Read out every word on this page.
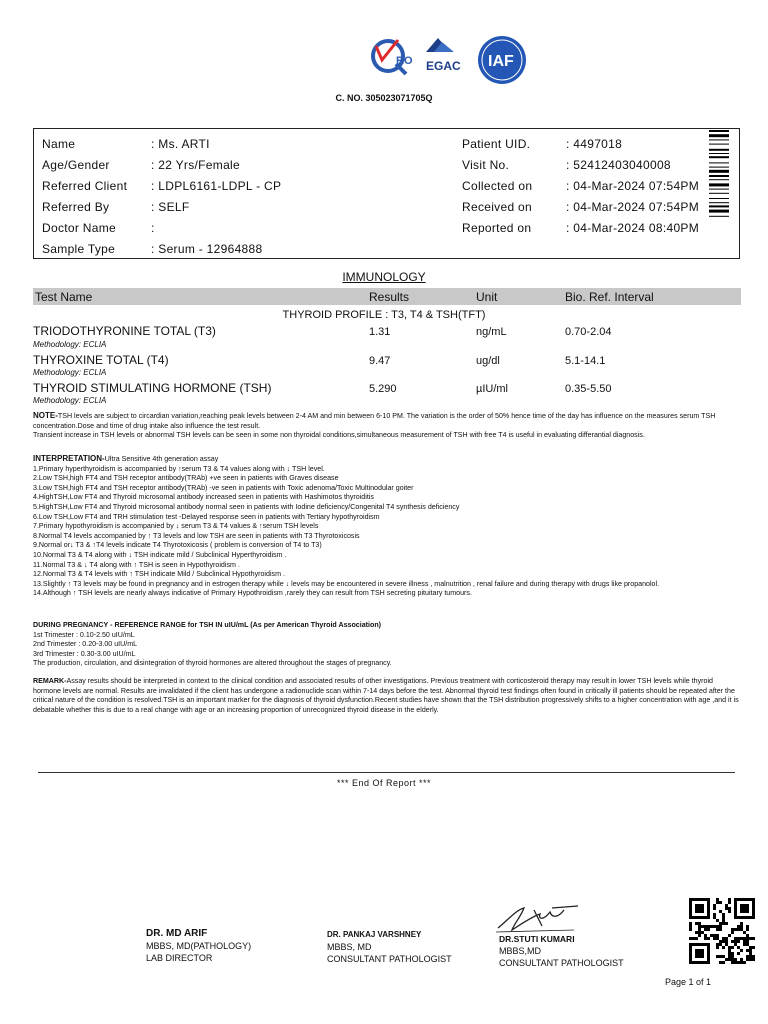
RO EGAC IAF
C. NO. 305023071705Q
Name	: Ms. ARTI
Age/Gender	: 22 Yrs/Female
Referred Client : LDPL6161-LDPL - CP
Referred By	: SELF
Doctor Name	:
Sample Type	: Serum - 12964888
Patient UID.	: 4497018
Visit No.	: 52412403040008
Collected on	: 04-Mar-2024 07:54PM
Received on	: 04-Mar-2024 07:54PM
Reported on	: 04-Mar-2024 08:40PM
IMMUNOLOGY
Test Name	Results	Unit	Bio. Ref. Interval
THYROID PROFILE : T3, T4 & TSH(TFT)
TRIODOTHYRONINE TOTAL (T3)
Methodology: ECLIA
1.31	ng/mL	0.70-2.04
THYROXINE TOTAL (T4)
Methodology: ECLIA
9.47	ug/dl	5.1-14.1
THYROID STIMULATING HORMONE (TSH)
Methodology: ECLIA
5.290	µIU/ml	0.35-5.50
NOTE-TSH levels are subject to circardian variation,reaching peak levels between 2-4 AM and min between 6-10 PM. The variation is the order of 50% hence time of the day has influence on the measures serum TSH concentration.Dose and time of drug intake also influence the test result.
Transient increase in TSH levels or abnormal TSH levels can be seen in some non thyroidal conditions,simultaneous measurement of TSH with free T4 is useful in evaluating differantial diagnosis.
INTERPRETATION-Ultra Sensitive 4th generation assay
1.Primary hyperthyroidism is accompanied by ↑serum T3 & T4 values along with ↓ TSH level.
2.Low TSH,high FT4 and TSH receptor antibody(TRAb) +ve seen in patients with Graves disease
3.Low TSH,high FT4 and TSH receptor antibody(TRAb) -ve seen in patients with Toxic adenoma/Toxic Multinodular goiter
4.HighTSH,Low FT4 and Thyroid microsomal antibody increased seen in patients with Hashimotos thyroiditis
5.HighTSH,Low FT4 and Thyroid microsomal antibody normal seen in patients with Iodine deficiency/Congenital T4 synthesis deficiency
6.Low TSH,Low FT4 and TRH stimulation test -Delayed response seen in patients with Tertiary hypothyroidism
7.Primary hypothyroidism is accompanied by ↓ serum T3 & T4 values & ↑serum TSH levels
8.Normal T4 levels accompanied by ↑ T3 levels and low TSH are seen in patients with T3 Thyrotoxicosis
9.Normal or↓ T3 & ↑T4 levels indicate T4 Thyrotoxicosis ( problem is conversion of T4 to T3)
10.Normal T3 & T4 along with ↓ TSH indicate mild / Subclinical Hyperthyroidism .
11.Normal T3 & ↓ T4 along with ↑ TSH is seen in Hypothyroidism .
12.Normal T3 & T4 levels with ↑ TSH indicate Mild / Subclinical Hypothyroidism .
13.Slightly ↑ T3 levels may be found in pregnancy and in estrogen therapy while ↓ levels may be encountered in severe illness , malnutrition , renal failure and during therapy with drugs like propanolol.
14.Although ↑ TSH levels are nearly always indicative of Primary Hypothroidism ,rarely they can result from TSH secreting pituitary tumours.
DURING PREGNANCY - REFERENCE RANGE for TSH IN uIU/mL (As per American Thyroid Association)
1st Trimester : 0.10-2.50 uIU/mL
2nd Trimester : 0.20-3.00 uIU/mL
3rd Trimester : 0.30-3.00 uIU/mL
The production, circulation, and disintegration of thyroid hormones are altered throughout the stages of pregnancy.
REMARK-Assay results should be interpreted in context to the clinical condition and associated results of other investigations. Previous treatment with corticosteroid therapy may result in lower TSH levels while thyroid hormone levels are normal. Results are invalidated if the client has undergone a radionuclide scan within 7-14 days before the test. Abnormal thyroid test findings often found in critically ill patients should be repeated after the critical nature of the condition is resolved.TSH is an important marker for the diagnosis of thyroid dysfunction.Recent studies have shown that the TSH distribution progressively shifts to a higher concentration with age ,and it is debatable whether this is due to a real change with age or an increasing proportion of unrecognized thyroid disease in the elderly.
*** End Of Report ***
DR. MD ARIF
MBBS, MD(PATHOLOGY)
LAB DIRECTOR
DR. PANKAJ VARSHNEY
MBBS, MD
CONSULTANT PATHOLOGIST
DR.STUTI KUMARI
MBBS,MD
CONSULTANT PATHOLOGIST
Page 1 of 1
